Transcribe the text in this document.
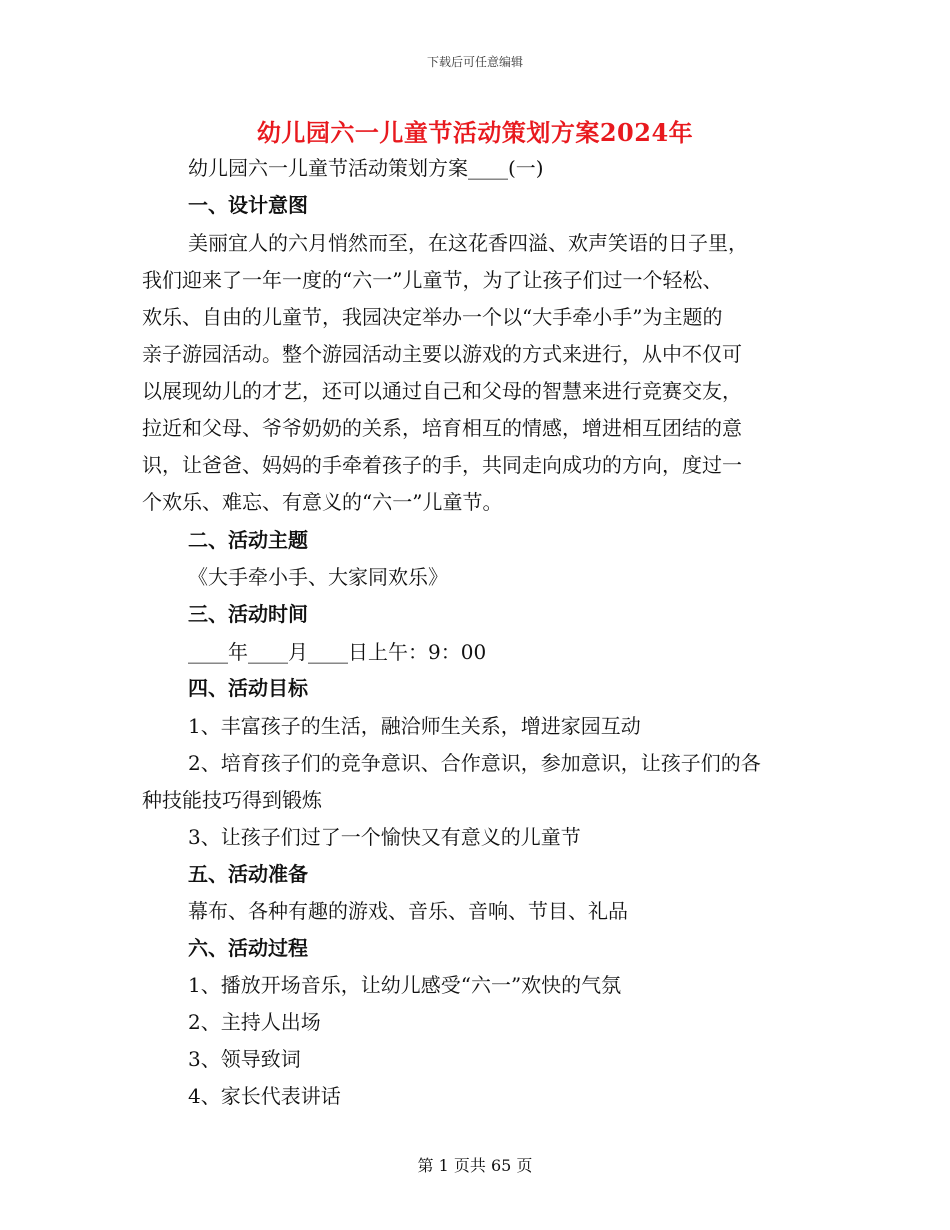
下载后可任意编辑
幼儿园六一儿童节活动策划方案2024年
幼儿园六一儿童节活动策划方案____(一)
一、设计意图
美丽宜人的六月悄然而至，在这花香四溢、欢声笑语的日子里，
我们迎来了一年一度的“六一”儿童节，为了让孩子们过一个轻松、
欢乐、自由的儿童节，我园决定举办一个以“大手牵小手”为主题的
亲子游园活动。整个游园活动主要以游戏的方式来进行，从中不仅可
以展现幼儿的才艺，还可以通过自己和父母的智慧来进行竞赛交友，
拉近和父母、爷爷奶奶的关系，培育相互的情感，增进相互团结的意
识，让爸爸、妈妈的手牵着孩子的手，共同走向成功的方向，度过一
个欢乐、难忘、有意义的“六一”儿童节。
二、活动主题
《大手牵小手、大家同欢乐》
三、活动时间
____年____月____日上午：9：00
四、活动目标
1、丰富孩子的生活，融洽师生关系，增进家园互动
2、培育孩子们的竞争意识、合作意识，参加意识，让孩子们的各
种技能技巧得到锻炼
3、让孩子们过了一个愉快又有意义的儿童节
五、活动准备
幕布、各种有趣的游戏、音乐、音响、节目、礼品
六、活动过程
1、播放开场音乐，让幼儿感受“六一”欢快的气氛
2、主持人出场
3、领导致词
4、家长代表讲话
第 1 页共 65 页
